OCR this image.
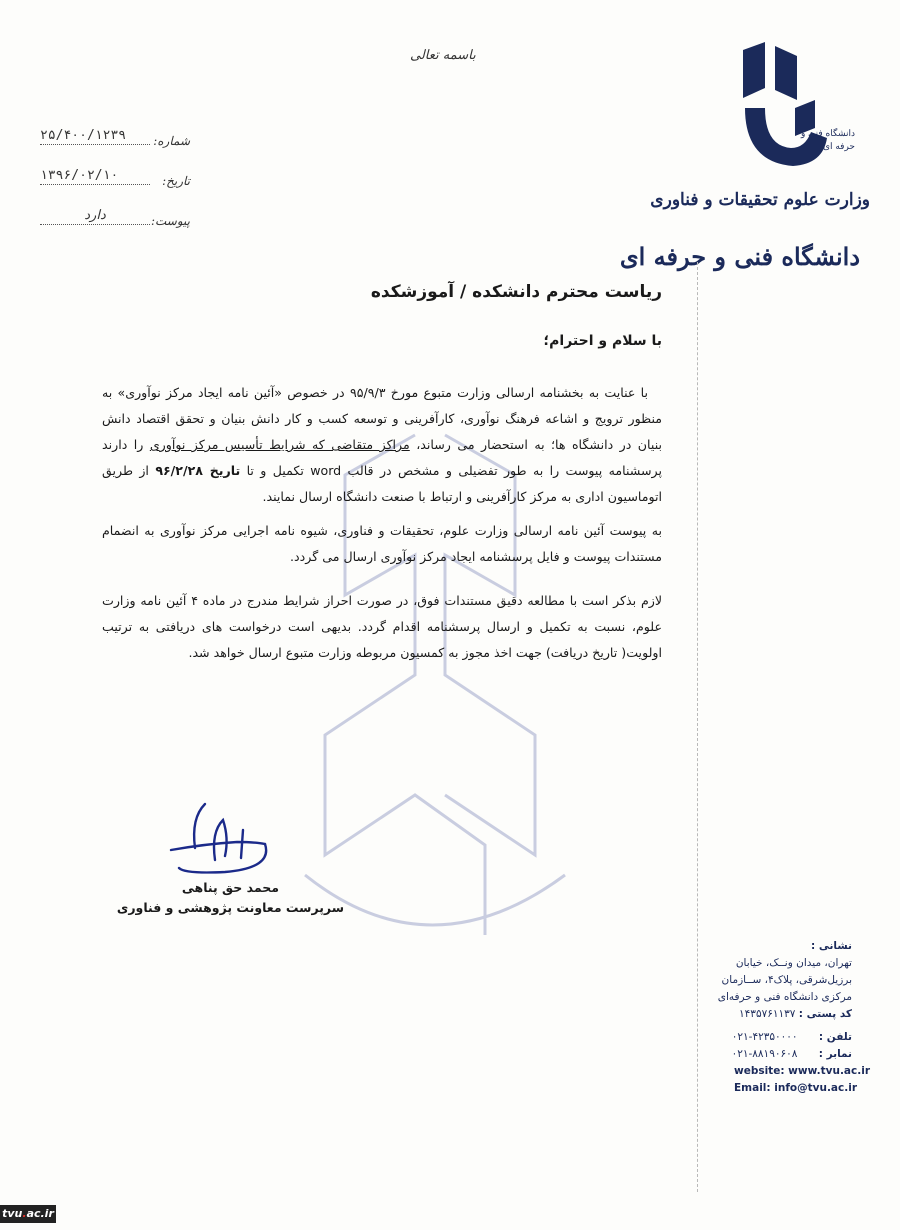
باسمه تعالی
شماره:
۲۵/۴۰۰/۱۲۳۹
تاریخ:
۱۳۹۶/۰۲/۱۰
پیوست:
دارد
دانشگاه فنی و حرفه ای
وزارت علوم تحقیقات و فناوری
دانشگاه فنی و حرفه ای
ریاست محترم دانشکده / آموزشکده
با سلام و احترام؛

با عنایت به بخشنامه ارسالی وزارت متبوع مورخ ۹۵/۹/۳ در خصوص «آئین نامه ایجاد مرکز نوآوری» به منظور ترویج و اشاعه فرهنگ نوآوری، کارآفرینی و توسعه کسب و کار دانش بنیان و تحقق اقتصاد دانش بنیان در دانشگاه ها؛ به استحضار می رساند، مراکز متقاضی که شرایط تأسیس مرکز نوآوری را دارند پرسشنامه پیوست را به طور تفضیلی و مشخص در قالب word تکمیل و تا تاریخ ۹۶/۲/۲۸ از طریق اتوماسیون اداری به مرکز کارآفرینی و ارتباط با صنعت دانشگاه ارسال نمایند.

به پیوست آئین نامه ارسالی وزارت علوم، تحقیقات و فناوری، شیوه نامه اجرایی مرکز نوآوری به انضمام مستندات پیوست و فایل پرسشنامه ایجاد مرکز نوآوری ارسال می گردد.

لازم بذکر است با مطالعه دقیق مستندات فوق، در صورت احراز شرایط مندرج در ماده ۴ آئین نامه وزارت علوم، نسبت به تکمیل و ارسال پرسشنامه اقدام گردد. بدیهی است درخواست های دریافتی به ترتیب اولویت( تاریخ دریافت) جهت اخذ مجوز به کمسیون مربوطه وزارت متبوع ارسال خواهد شد.

محمد حق پناهی
سرپرست معاونت پژوهشی و فناوری
نشانی :
تهران، میدان ونــک، خیابان
برزیل‌شرقی، پلاک۴، ســازمان
مرکزی دانشگاه فنی و حرفه‌ای
کد پستی : ۱۴۳۵۷۶۱۱۳۷
تلفن : ۰۲۱-۴۲۳۵۰۰۰۰
نمابر : ۰۲۱-۸۸۱۹۰۶۰۸
website: www.tvu.ac.ir
Email: info@tvu.ac.ir
tvu.ac.ir
